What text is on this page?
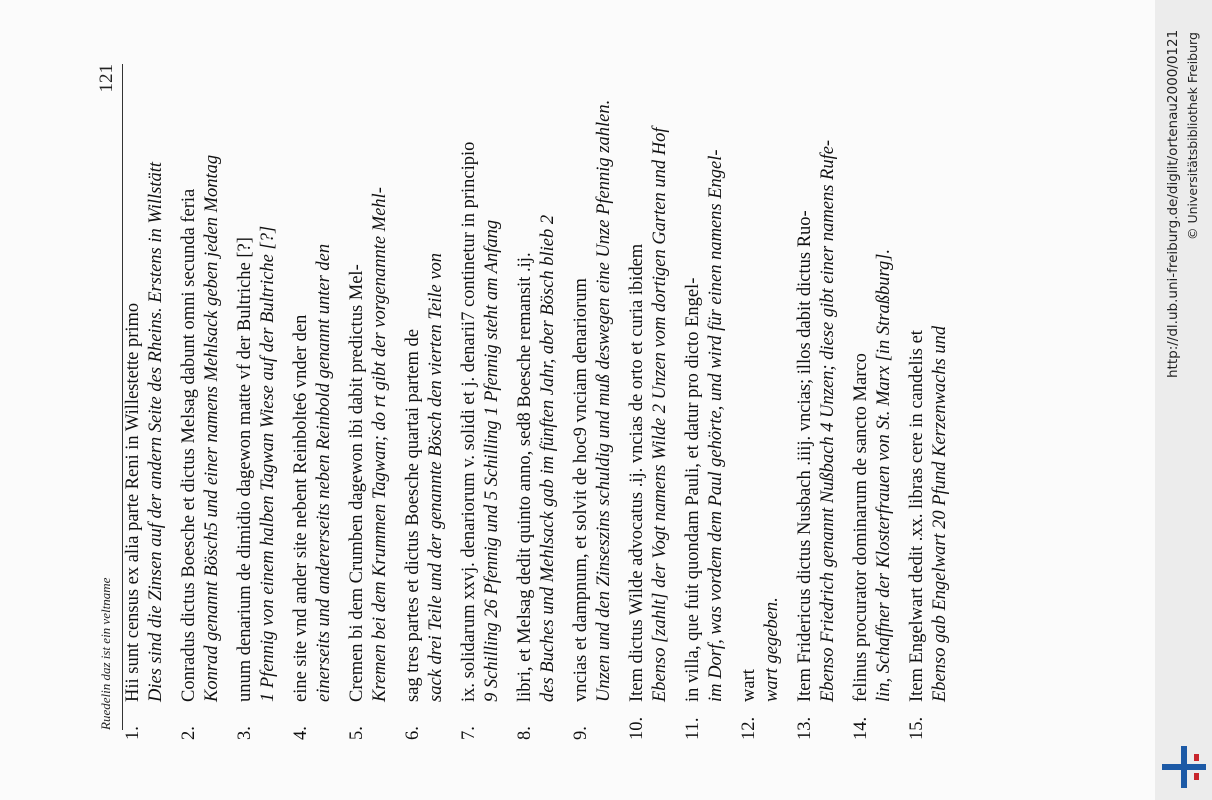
Ruedelin daz ist ein veltname
121
1.
Hii sunt census ex alia parte Reni in Willestette primo Dies sind die Zinsen auf der andern Seite des Rheins. Erstens in Willstätt
2.
Conradus dictus Boesche et dictus Melsag dabunt omni secunda feria Konrad genannt Bösch5 und einer namens Mehlsack geben jeden Montag
3.
unum denarium de dimidio dagewon matte vf der Bultriche [?] 1 Pfennig von einem halben Tagwan Wiese auf der Bultriche [?]
4.
eine site vnd ander site nebent Reinbolte6 vnder den einerseits und andererseits neben Reinbold genannt unter den
5.
Cremen bi dem Crumben dagewon ibi dabit predictus Mel- Kremen bei dem Krummen Tagwan; do rt gibt der vorgenannte Mehl-
6.
sag tres partes et dictus Boesche quartai partem de sack drei Teile und der genannte Bösch den vierten Teile von
7.
ix. solidarum xxvj. denariorum v. solidi et j. denarii7 continetur in principio 9 Schilling 26 Pfennig und 5 Schilling 1 Pfennig steht am Anfang
8.
libri, et Melsag dedit quinto anno, sed8 Boesche remansit .ij. des Buches und Mehlsack gab im fünften Jahr, aber Bösch blieb 2
9.
vncias et dampnum, et solvit de hoc9 vnciam denariorum Unzen und den Zinseszins schuldig und muß deswegen eine Unze Pfennig zahlen.
10.
Item dictus Wilde advocatus .ij. vncias de orto et curia ibidem Ebenso [zahlt] der Vogt namens Wilde 2 Unzen vom dortigen Garten und Hof
11.
in villa, que fuit quondam Pauli, et datur pro dicto Engel- im Dorf, was vordem dem Paul gehörte, und wird für einen namens Engel-
12.
wart wart gegeben.
13.
Item Fridericus dictus Nusbach .iiij. vncias; illos dabit dictus Ruo- Ebenso Friedrich genannt Nußbach 4 Unzen; diese gibt einer namens Rufe-
14.
felinus procurator dominarum de sancto Marco lin, Schaffner der Klosterfrauen von St. Marx [in Straßburg].
15.
Item Engelwart dedit .xx. libras cere in candelis et Ebenso gab Engelwart 20 Pfund Kerzenwachs und
http://dl.ub.uni-freiburg.de/diglit/ortenau2000/0121 © Universitätsbibliothek Freiburg
